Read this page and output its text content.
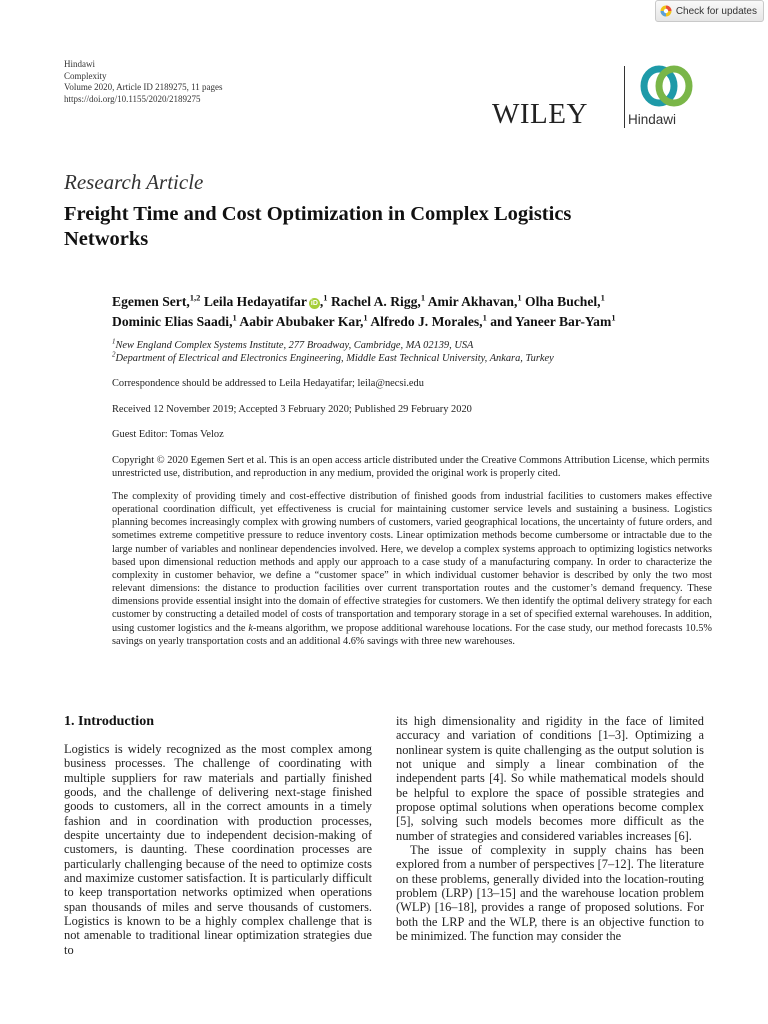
Check for updates
Hindawi
Complexity
Volume 2020, Article ID 2189275, 11 pages
https://doi.org/10.1155/2020/2189275	WILEY	Hindawi
Research Article
Freight Time and Cost Optimization in Complex Logistics Networks
Egemen Sert,$^{1,2}$ Leila Hedayatifar iD ,$^1$ Rachel A. Rigg,$^1$ Amir Akhavan,$^1$ Olha Buchel,$^1$
Dominic Elias Saadi,$^1$ Aabir Abubaker Kar,$^1$ Alfredo J. Morales,$^1$ and Yaneer Bar-Yam$^1$
$^1$New England Complex Systems Institute, 277 Broadway, Cambridge, MA 02139, USA
$^2$Department of Electrical and Electronics Engineering, Middle East Technical University, Ankara, Turkey
Correspondence should be addressed to Leila Hedayatifar; leila@necsi.edu
Received 12 November 2019; Accepted 3 February 2020; Published 29 February 2020
Guest Editor: Tomas Veloz
Copyright © 2020 Egemen Sert et al. This is an open access article distributed under the Creative Commons Attribution License, which permits unrestricted use, distribution, and reproduction in any medium, provided the original work is properly cited.
The complexity of providing timely and cost-effective distribution of finished goods from industrial facilities to customers makes effective operational coordination difficult, yet effectiveness is crucial for maintaining customer service levels and sustaining a business. Logistics planning becomes increasingly complex with growing numbers of customers, varied geographical locations, the uncertainty of future orders, and sometimes extreme competitive pressure to reduce inventory costs. Linear optimization methods become cumbersome or intractable due to the large number of variables and nonlinear dependencies involved. Here, we develop a complex systems approach to optimizing logistics networks based upon dimensional reduction methods and apply our approach to a case study of a manufacturing company. In order to characterize the complexity in customer behavior, we define a “customer space” in which individual customer behavior is described by only the two most relevant dimensions: the distance to production facilities over current transportation routes and the customer’s demand frequency. These dimensions provide essential insight into the domain of effective strategies for customers. We then identify the optimal delivery strategy for each customer by constructing a detailed model of costs of transportation and temporary storage in a set of specified external warehouses. In addition, using customer logistics and the k-means algorithm, we propose additional warehouse locations. For the case study, our method forecasts 10.5% savings on yearly transportation costs and an additional 4.6% savings with three new warehouses.
1. Introduction

Logistics is widely recognized as the most complex among business processes. The challenge of coordinating with multiple suppliers for raw materials and partially finished goods, and the challenge of delivering next-stage finished goods to customers, all in the correct amounts in a timely fashion and in coordination with production processes, despite uncertainty due to independent decision-making of customers, is daunting. These coordination processes are particularly challenging because of the need to optimize costs and maximize customer satisfaction. It is particularly difficult to keep transportation networks optimized when operations span thousands of miles and serve thousands of customers. Logistics is known to be a highly complex challenge that is not amenable to traditional linear optimization strategies due to

its high dimensionality and rigidity in the face of limited accuracy and variation of conditions [1–3]. Optimizing a nonlinear system is quite challenging as the output solution is not unique and simply a linear combination of the independent parts [4]. So while mathematical models should be helpful to explore the space of possible strategies and propose optimal solutions when operations become complex [5], solving such models becomes more difficult as the number of strategies and considered variables increases [6].

The issue of complexity in supply chains has been explored from a number of perspectives [7–12]. The literature on these problems, generally divided into the location-routing problem (LRP) [13–15] and the warehouse location problem (WLP) [16–18], provides a range of proposed solutions. For both the LRP and the WLP, there is an objective function to be minimized. The function may consider the
